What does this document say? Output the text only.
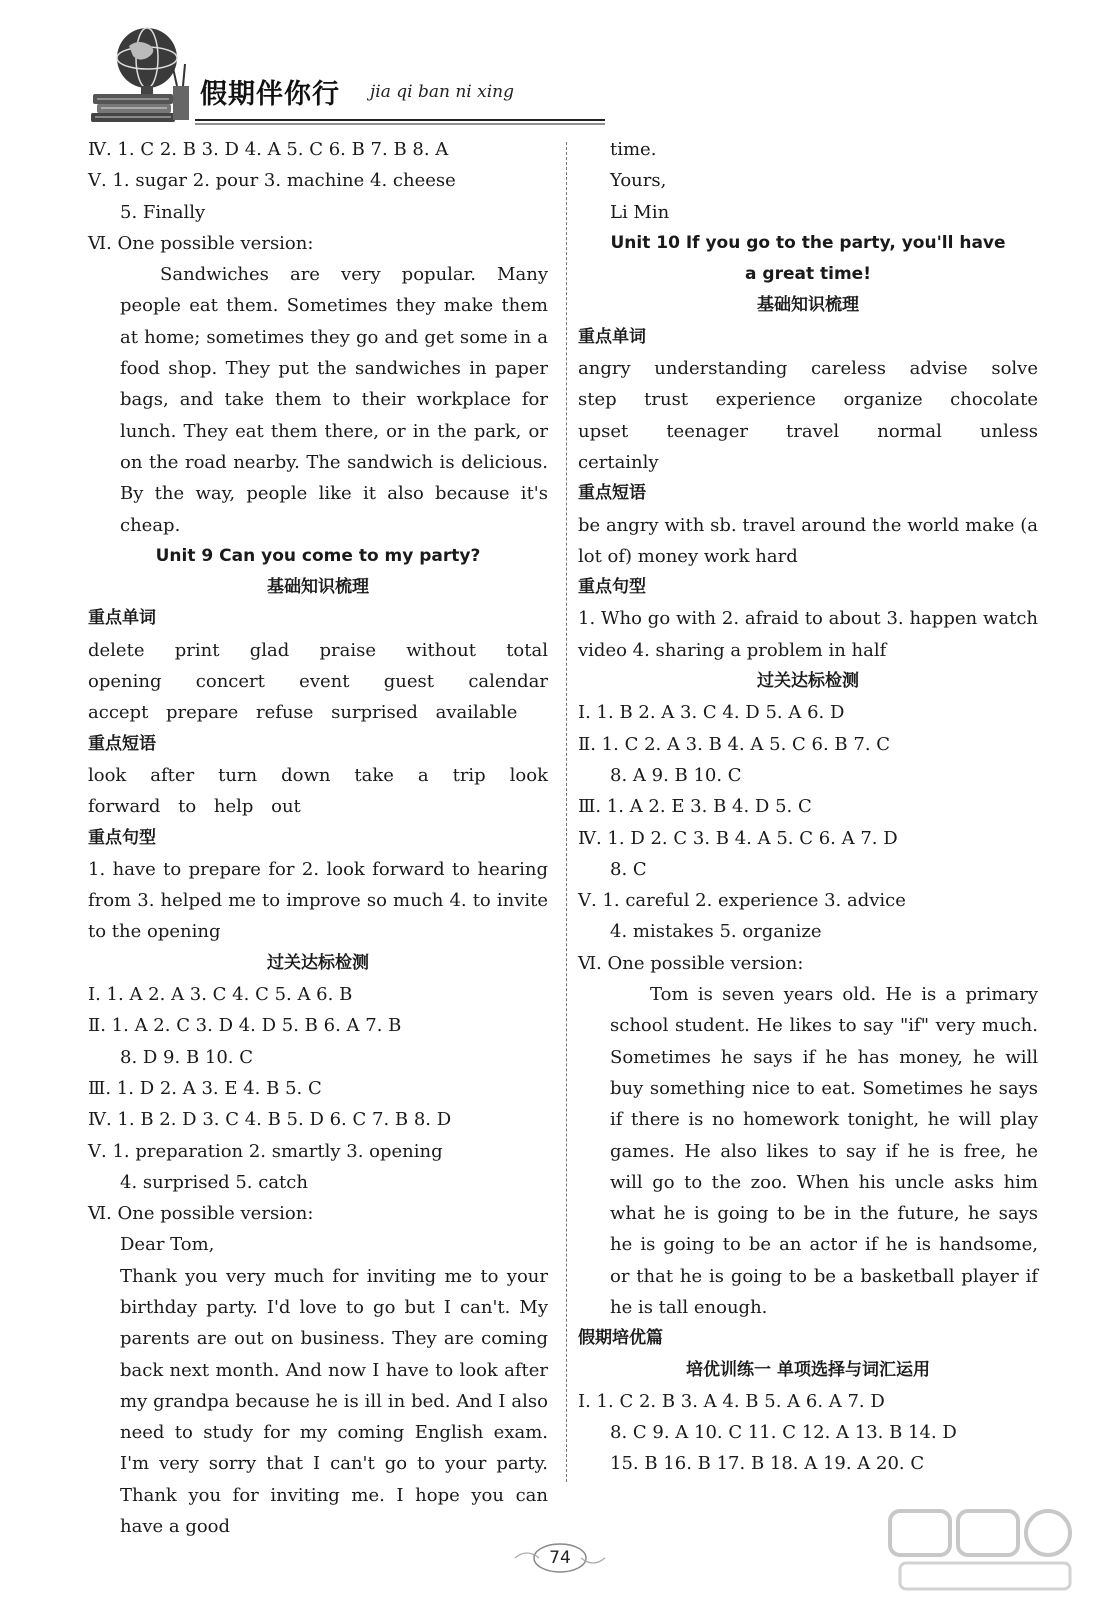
假期伴你行 jia qi ban ni xing
Ⅳ. 1. C 2. B 3. D 4. A 5. C 6. B 7. B 8. A
Ⅴ. 1. sugar 2. pour 3. machine 4. cheese
5. Finally
Ⅵ. One possible version:

Sandwiches are very popular. Many people eat them. Sometimes they make them at home; sometimes they go and get some in a food shop. They put the sandwiches in paper bags, and take them to their workplace for lunch. They eat them there, or in the park, or on the road nearby. The sandwich is delicious. By the way, people like it also because it's cheap.

Unit 9 Can you come to my party?
基础知识梳理
重点单词

delete print glad praise without total opening concert event guest calendar accept prepare refuse surprised available

重点短语

look after turn down take a trip look forward to help out

重点句型

1. have to prepare for 2. look forward to hearing from 3. helped me to improve so much 4. to invite to the opening

过关达标检测
Ⅰ. 1. A 2. A 3. C 4. C 5. A 6. B
Ⅱ. 1. A 2. C 3. D 4. D 5. B 6. A 7. B
8. D 9. B 10. C
Ⅲ. 1. D 2. A 3. E 4. B 5. C
Ⅳ. 1. B 2. D 3. C 4. B 5. D 6. C 7. B 8. D
Ⅴ. 1. preparation 2. smartly 3. opening
4. surprised 5. catch
Ⅵ. One possible version:
Dear Tom,

Thank you very much for inviting me to your birthday party. I'd love to go but I can't. My parents are out on business. They are coming back next month. And now I have to look after my grandpa because he is ill in bed. And I also need to study for my coming English exam. I'm very sorry that I can't go to your party. Thank you for inviting me. I hope you can have a good

time.
Yours,
Li Min
Unit 10 If you go to the party, you'll have
a great time!
基础知识梳理
重点单词

angry understanding careless advise solve step trust experience organize chocolate upset teenager travel normal unless certainly

重点短语

be angry with sb. travel around the world make (a lot of) money work hard

重点句型

1. Who go with 2. afraid to about 3. happen watch video 4. sharing a problem in half

过关达标检测
Ⅰ. 1. B 2. A 3. C 4. D 5. A 6. D
Ⅱ. 1. C 2. A 3. B 4. A 5. C 6. B 7. C
8. A 9. B 10. C
Ⅲ. 1. A 2. E 3. B 4. D 5. C
Ⅳ. 1. D 2. C 3. B 4. A 5. C 6. A 7. D
8. C
Ⅴ. 1. careful 2. experience 3. advice
4. mistakes 5. organize
Ⅵ. One possible version:

Tom is seven years old. He is a primary school student. He likes to say "if" very much. Sometimes he says if he has money, he will buy something nice to eat. Sometimes he says if there is no homework tonight, he will play games. He also likes to say if he is free, he will go to the zoo. When his uncle asks him what he is going to be in the future, he says he is going to be an actor if he is handsome, or that he is going to be a basketball player if he is tall enough.

假期培优篇
培优训练一 单项选择与词汇运用
Ⅰ. 1. C 2. B 3. A 4. B 5. A 6. A 7. D
8. C 9. A 10. C 11. C 12. A 13. B 14. D
15. B 16. B 17. B 18. A 19. A 20. C
74
